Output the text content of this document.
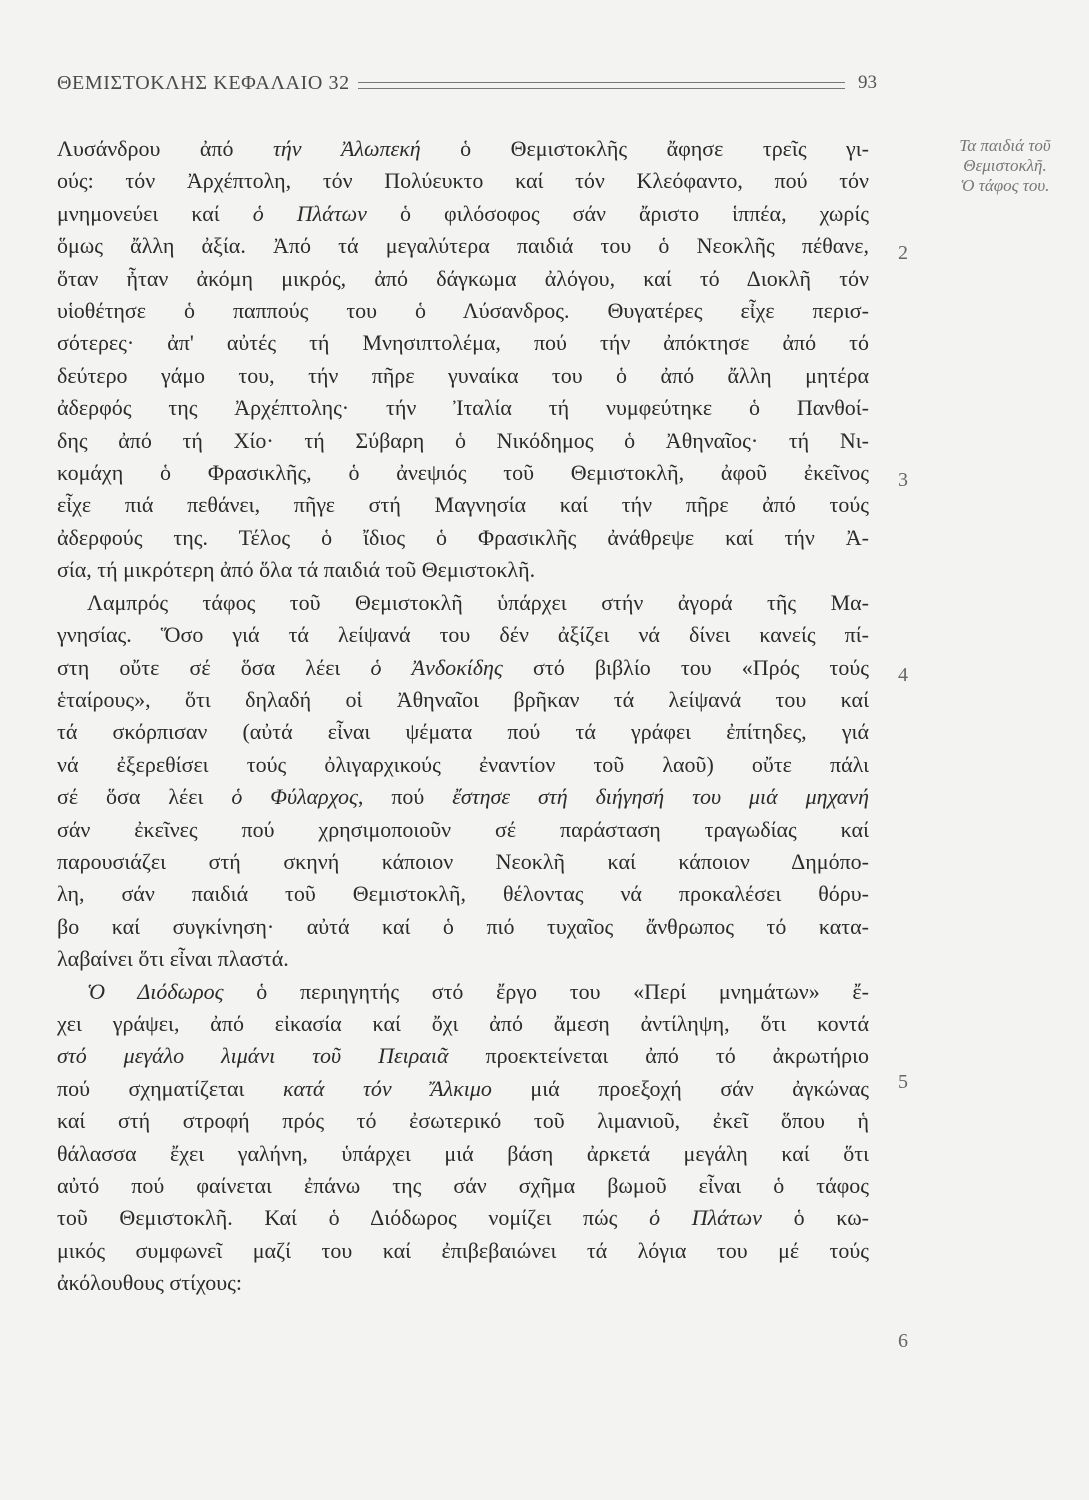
ΘΕΜΙΣΤΟΚΛΗΣ ΚΕΦΑΛΑΙΟ 32	93
Τα παιδιά τοῦ
Θεμιστοκλῆ.
Ὁ τάφος του.
2
3
4
5
6
Λυσάνδρου ἀπό τήν Ἀλωπεκή ὁ Θεμιστοκλῆς ἄφησε τρεῖς γι-
ούς: τόν Ἀρχέπτολη, τόν Πολύευκτο καί τόν Κλεόφαντο, πού τόν
μνημονεύει καί ὁ Πλάτων ὁ φιλόσοφος σάν ἄριστο ἱππέα, χωρίς
ὅμως ἄλλη ἀξία. Ἀπό τά μεγαλύτερα παιδιά του ὁ Νεοκλῆς πέθανε,
ὅταν ἦταν ἀκόμη μικρός, ἀπό δάγκωμα ἀλόγου, καί τό Διοκλῆ τόν
υἱοθέτησε ὁ παππούς του ὁ Λύσανδρος. Θυγατέρες εἶχε περισ-
σότερες· ἀπ' αὐτές τή Μνησιπτολέμα, πού τήν ἀπόκτησε ἀπό τό
δεύτερο γάμο του, τήν πῆρε γυναίκα του ὁ ἀπό ἄλλη μητέρα
ἀδερφός της Ἀρχέπτολης· τήν Ἰταλία τή νυμφεύτηκε ὁ Πανθοί-
δης ἀπό τή Χίο· τή Σύβαρη ὁ Νικόδημος ὁ Ἀθηναῖος· τή Νι-
κομάχη ὁ Φρασικλῆς, ὁ ἀνεψιός τοῦ Θεμιστοκλῆ, ἀφοῦ ἐκεῖνος
εἶχε πιά πεθάνει, πῆγε στή Μαγνησία καί τήν πῆρε ἀπό τούς
ἀδερφούς της. Τέλος ὁ ἴδιος ὁ Φρασικλῆς ἀνάθρεψε καί τήν Ἀ-
σία, τή μικρότερη ἀπό ὅλα τά παιδιά τοῦ Θεμιστοκλῆ.
Λαμπρός τάφος τοῦ Θεμιστοκλῆ ὑπάρχει στήν ἀγορά τῆς Μα-
γνησίας. Ὅσο γιά τά λείψανά του δέν ἀξίζει νά δίνει κανείς πί-
στη οὔτε σέ ὅσα λέει ὁ Ἀνδοκίδης στό βιβλίο του «Πρός τούς
ἑταίρους», ὅτι δηλαδή οἱ Ἀθηναῖοι βρῆκαν τά λείψανά του καί
τά σκόρπισαν (αὐτά εἶναι ψέματα πού τά γράφει ἐπίτηδες, γιά
νά ἐξερεθίσει τούς ὀλιγαρχικούς ἐναντίον τοῦ λαοῦ) οὔτε πάλι
σέ ὅσα λέει ὁ Φύλαρχος, πού ἔστησε στή διήγησή του μιά μηχανή
σάν ἐκεῖνες πού χρησιμοποιοῦν σέ παράσταση τραγωδίας καί
παρουσιάζει στή σκηνή κάποιον Νεοκλῆ καί κάποιον Δημόπο-
λη, σάν παιδιά τοῦ Θεμιστοκλῆ, θέλοντας νά προκαλέσει θόρυ-
βο καί συγκίνηση· αὐτά καί ὁ πιό τυχαῖος ἄνθρωπος τό κατα-
λαβαίνει ὅτι εἶναι πλαστά.
Ὁ Διόδωρος ὁ περιηγητής στό ἔργο του «Περί μνημάτων» ἔ-
χει γράψει, ἀπό εἰκασία καί ὄχι ἀπό ἄμεση ἀντίληψη, ὅτι κοντά
στό μεγάλο λιμάνι τοῦ Πειραιᾶ προεκτείνεται ἀπό τό ἀκρωτήριο
πού σχηματίζεται κατά τόν Ἄλκιμο μιά προεξοχή σάν ἀγκώνας
καί στή στροφή πρός τό ἐσωτερικό τοῦ λιμανιοῦ, ἐκεῖ ὅπου ἡ
θάλασσα ἔχει γαλήνη, ὑπάρχει μιά βάση ἀρκετά μεγάλη καί ὅτι
αὐτό πού φαίνεται ἐπάνω της σάν σχῆμα βωμοῦ εἶναι ὁ τάφος
τοῦ Θεμιστοκλῆ. Καί ὁ Διόδωρος νομίζει πώς ὁ Πλάτων ὁ κω-
μικός συμφωνεῖ μαζί του καί ἐπιβεβαιώνει τά λόγια του μέ τούς
ἀκόλουθους στίχους:
